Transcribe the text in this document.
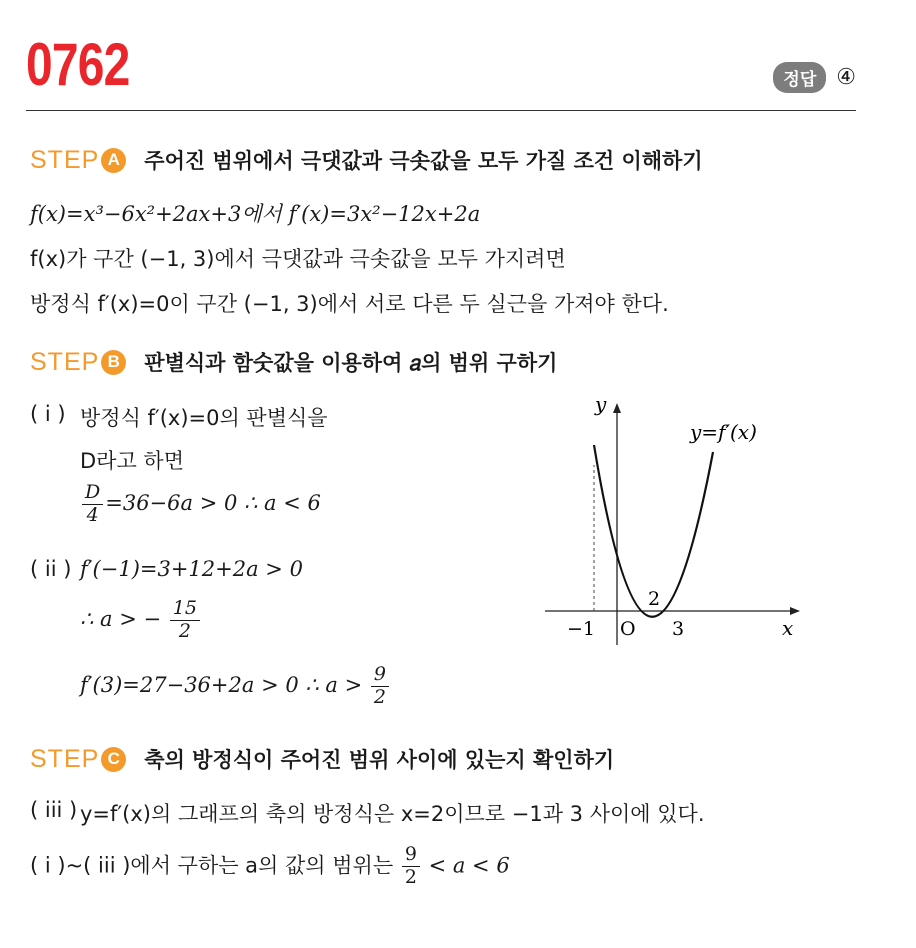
0762	정답 ④
STEP A	주어진 범위에서 극댓값과 극솟값을 모두 가질 조건 이해하기
f(x)=x³−6x²+2ax+3에서 f′(x)=3x²−12x+2a
f(x)가 구간 (−1, 3)에서 극댓값과 극솟값을 모두 가지려면
방정식 f′(x)=0이 구간 (−1, 3)에서 서로 다른 두 실근을 가져야 한다.
STEP B	판별식과 함숫값을 이용하여 𝑎의 범위 구하기
( i ) 방정식 f′(x)=0의 판별식을
D라고 하면
$\frac{D}{4} =36-6a > 0$ ∴ a < 6
( ii ) f′(−1)=3+12+2a > 0
∴ a > − $\frac{15}{2}$
f′(3)=27−36+2a > 0 ∴ $a > \frac{9}{2}$
y
x
y=f′(x)
O
−1
2
3
STEP C	축의 방정식이 주어진 범위 사이에 있는지 확인하기
( iii ) y=f′(x)의 그래프의 축의 방정식은 x=2이므로 −1과 3 사이에 있다.
( i )~( iii )에서 구하는 a의 값의 범위는 $\frac{9}{2} < a < 6$
